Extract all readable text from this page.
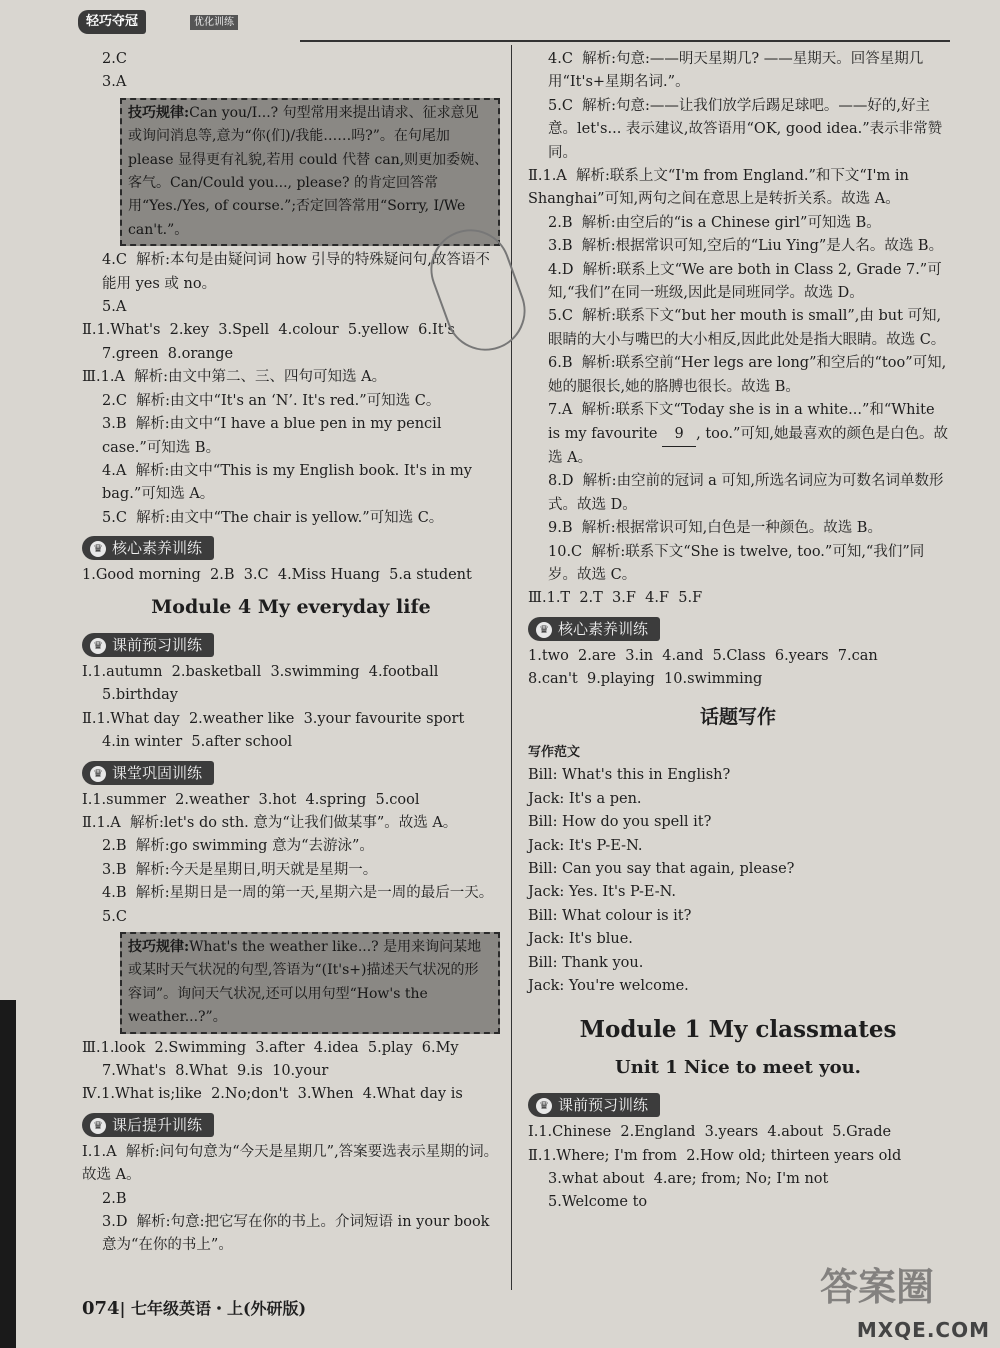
轻巧夺冠	优化训练
2.C
3.A
技巧规律:Can you/I...? 句型常用来提出请求、征求意见或询问消息等,意为“你(们)/我能……吗?”。在句尾加 please 显得更有礼貌,若用 could 代替 can,则更加委婉、客气。Can/Could you..., please? 的肯定回答常用“Yes./Yes, of course.”;否定回答常用“Sorry, I/We can't.”。
4.C  解析:本句是由疑问词 how 引导的特殊疑问句,故答语不能用 yes 或 no。
5.A
Ⅱ.1.What's  2.key  3.Spell  4.colour  5.yellow  6.It's
7.green  8.orange
Ⅲ.1.A  解析:由文中第二、三、四句可知选 A。
2.C  解析:由文中“It's an ‘N’. It's red.”可知选 C。
3.B  解析:由文中“I have a blue pen in my pencil case.”可知选 B。
4.A  解析:由文中“This is my English book. It's in my bag.”可知选 A。
5.C  解析:由文中“The chair is yellow.”可知选 C。
♛ 核心素养训练
1.Good morning  2.B  3.C  4.Miss Huang  5.a student
Module 4 My everyday life
♛ 课前预习训练
Ⅰ.1.autumn  2.basketball  3.swimming  4.football
5.birthday
Ⅱ.1.What day  2.weather like  3.your favourite sport
4.in winter  5.after school
♛ 课堂巩固训练
Ⅰ.1.summer  2.weather  3.hot  4.spring  5.cool
Ⅱ.1.A  解析:let's do sth. 意为“让我们做某事”。故选 A。
2.B  解析:go swimming 意为“去游泳”。
3.B  解析:今天是星期日,明天就是星期一。
4.B  解析:星期日是一周的第一天,星期六是一周的最后一天。
5.C
技巧规律:What's the weather like...? 是用来询问某地或某时天气状况的句型,答语为“(It's+)描述天气状况的形容词”。询问天气状况,还可以用句型“How's the weather...?”。
Ⅲ.1.look  2.Swimming  3.after  4.idea  5.play  6.My
7.What's  8.What  9.is  10.your
Ⅳ.1.What is;like  2.No;don't  3.When  4.What day is
♛ 课后提升训练
Ⅰ.1.A  解析:问句句意为“今天是星期几”,答案要选表示星期的词。故选 A。
2.B
3.D  解析:句意:把它写在你的书上。介词短语 in your book 意为“在你的书上”。
4.C  解析:句意:——明天星期几? ——星期天。回答星期几用“It's+星期名词.”。
5.C  解析:句意:——让我们放学后踢足球吧。——好的,好主意。let's... 表示建议,故答语用“OK, good idea.”表示非常赞同。
Ⅱ.1.A  解析:联系上文“I'm from England.”和下文“I'm in Shanghai”可知,两句之间在意思上是转折关系。故选 A。
2.B  解析:由空后的“is a Chinese girl”可知选 B。
3.B  解析:根据常识可知,空后的“Liu Ying”是人名。故选 B。
4.D  解析:联系上文“We are both in Class 2, Grade 7.”可知,“我们”在同一班级,因此是同班同学。故选 D。
5.C  解析:联系下文“but her mouth is small”,由 but 可知,眼睛的大小与嘴巴的大小相反,因此此处是指大眼睛。故选 C。
6.B  解析:联系空前“Her legs are long”和空后的“too”可知,她的腿很长,她的胳膊也很长。故选 B。
7.A  解析:联系下文“Today she is in a white...”和“White is my favourite 9 , too.”可知,她最喜欢的颜色是白色。故选 A。
8.D  解析:由空前的冠词 a 可知,所选名词应为可数名词单数形式。故选 D。
9.B  解析:根据常识可知,白色是一种颜色。故选 B。
10.C  解析:联系下文“She is twelve, too.”可知,“我们”同岁。故选 C。
Ⅲ.1.T  2.T  3.F  4.F  5.F
♛ 核心素养训练
1.two  2.are  3.in  4.and  5.Class  6.years  7.can
8.can't  9.playing  10.swimming
话题写作
写作范文
Bill: What's this in English?
Jack: It's a pen.
Bill: How do you spell it?
Jack: It's P-E-N.
Bill: Can you say that again, please?
Jack: Yes. It's P-E-N.
Bill: What colour is it?
Jack: It's blue.
Bill: Thank you.
Jack: You're welcome.
Module 1 My classmates
Unit 1 Nice to meet you.
♛ 课前预习训练
Ⅰ.1.Chinese  2.England  3.years  4.about  5.Grade
Ⅱ.1.Where; I'm from  2.How old; thirteen years old
3.what about  4.are; from; No; I'm not
5.Welcome to
074| 七年级英语・上(外研版)	答案圈
MXQE.COM
